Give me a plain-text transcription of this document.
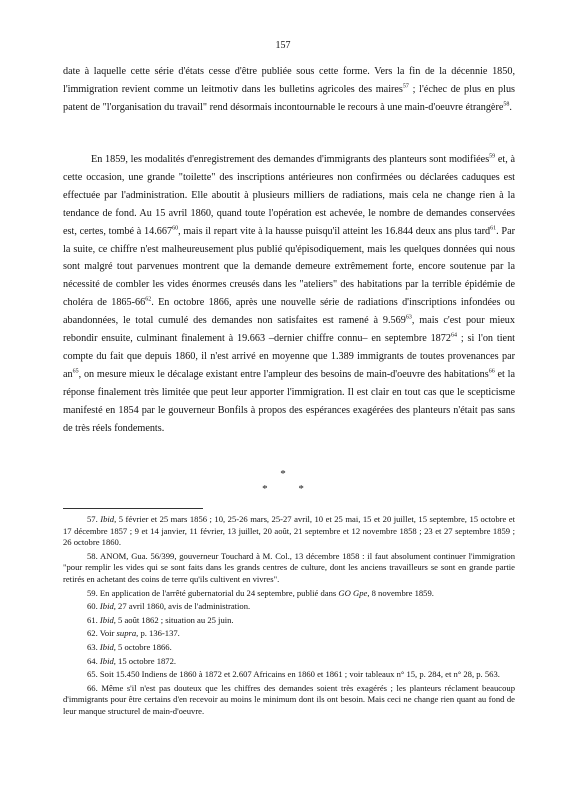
157

date à laquelle cette série d'états cesse d'être publiée sous cette forme. Vers la fin de la décennie 1850, l'immigration revient comme un leitmotiv dans les bulletins agricoles des maires$^{57}$ ; l'échec de plus en plus patent de "l'organisation du travail" rend désormais incontournable le recours à une main-d'oeuvre étrangère$^{58}$.

En 1859, les modalités d'enregistrement des demandes d'immigrants des planteurs sont modifiées$^{59}$ et, à cette occasion, une grande "toilette" des inscriptions antérieures non confirmées ou déclarées caduques est effectuée par l'administration. Elle aboutit à plusieurs milliers de radiations, mais cela ne change rien à la tendance de fond. Au 15 avril 1860, quand toute l'opération est achevée, le nombre de demandes conservées est, certes, tombé à 14.667$^{60}$, mais il repart vite à la hausse puisqu'il atteint les 16.844 deux ans plus tard$^{61}$. Par la suite, ce chiffre n'est malheureusement plus publié qu'épisodiquement, mais les quelques données qui nous sont malgré tout parvenues montrent que la demande demeure extrêmement forte, encore soutenue par la nécessité de combler les vides énormes creusés dans les "ateliers" des habitations par la terrible épidémie de choléra de $1865-66^{62}$. En octobre 1866, après une nouvelle série de radiations d'inscriptions infondées ou abandonnées, le total cumulé des demandes non satisfaites est ramené à 9.569$^{63}$, mais c'est pour mieux rebondir ensuite, culminant finalement à 19.663 –dernier chiffre connu– en septembre 1872$^{64}$ ; si l'on tient compte du fait que depuis 1860, il n'est arrivé en moyenne que 1.389 immigrants de toutes provenances par $an^{65}$, on mesure mieux le décalage existant entre l'ampleur des besoins de main-d'oeuvre des habitations$^{66}$ et la réponse finalement très limitée que peut leur apporter l'immigration. Il est clair en tout cas que le scepticisme manifesté en 1854 par le gouverneur Bonfils à propos des espérances exagérées des planteurs n'était pas sans de très réels fondements.

*
* *

57. Ibid, 5 février et 25 mars 1856 ; 10, 25-26 mars, 25-27 avril, 10 et 25 mai, 15 et 20 juillet, 15 septembre, 15 octobre et 17 décembre 1857 ; 9 et 14 janvier, 11 février, 13 juillet, 20 août, 21 septembre et 12 novembre 1858 ; 23 et 27 septembre 1859 ; 26 octobre 1860.

58. ANOM, Gua. 56/399, gouverneur Touchard à M. Col., 13 décembre 1858 : il faut absolument continuer l'immigration "pour remplir les vides qui se sont faits dans les grands centres de culture, dont les anciens travailleurs se sont en grande partie retirés en achetant des coins de terre qu'ils cultivent en vivres".

59. En application de l'arrêté gubernatorial du 24 septembre, publié dans GO Gpe, 8 novembre 1859.

60. Ibid, 27 avril 1860, avis de l'administration.

61. Ibid, 5 août 1862 ; situation au 25 juin.

62. Voir supra, p. 136-137.

63. Ibid, 5 octobre 1866.

64. Ibid, 15 octobre 1872.

65. Soit 15.450 Indiens de 1860 à 1872 et 2.607 Africains en 1860 et 1861 ; voir tableaux n° 15, p. 284, et n° 28, p. 563.

66. Même s'il n'est pas douteux que les chiffres des demandes soient très exagérés ; les planteurs réclament beaucoup d'immigrants pour être certains d'en recevoir au moins le minimum dont ils ont besoin. Mais ceci ne change rien quant au fond de leur manque structurel de main-d'oeuvre.
